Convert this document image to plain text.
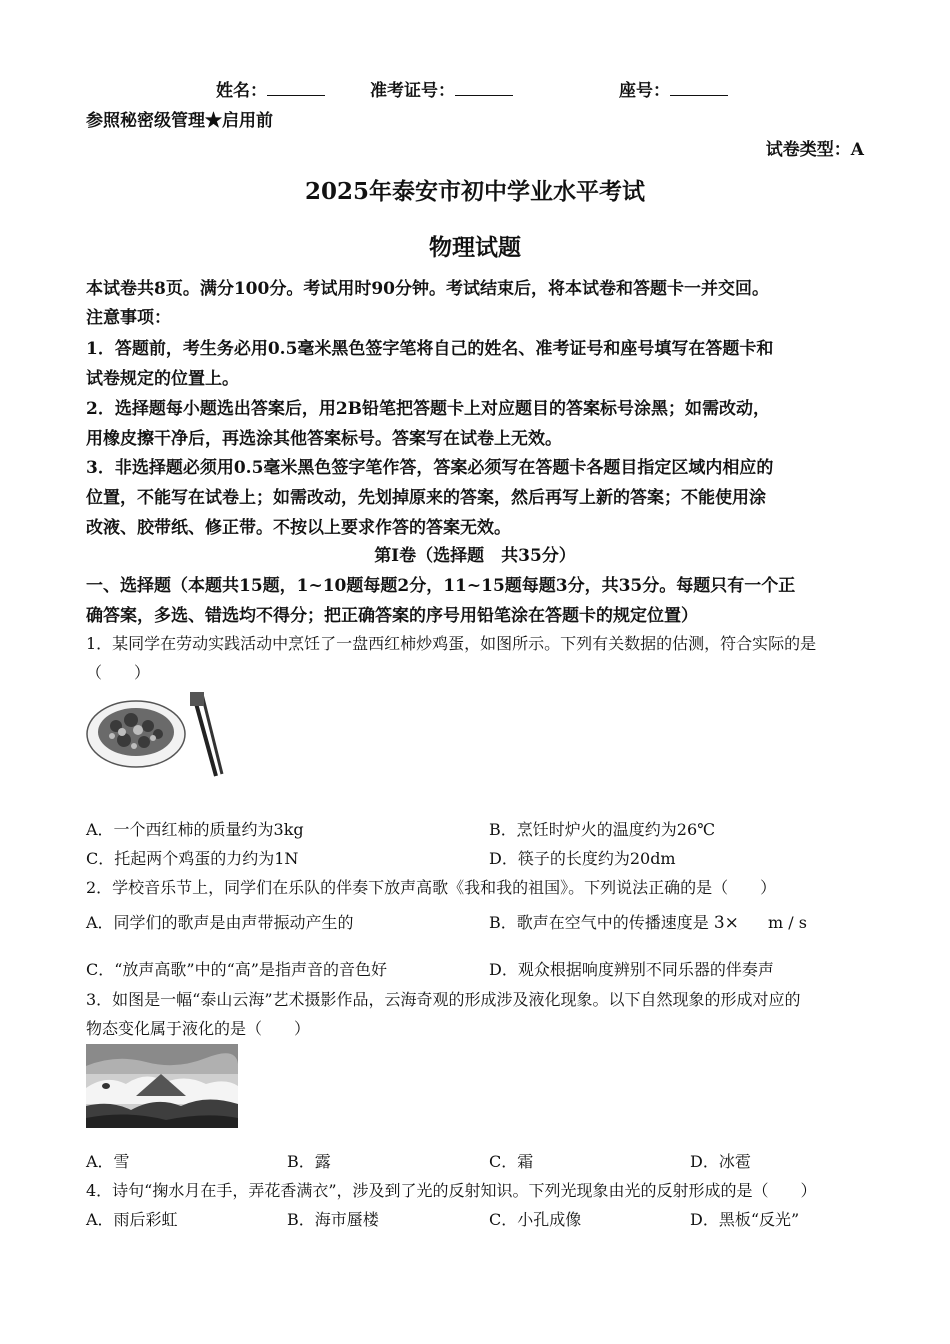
姓名：	准考证号：	座号：
参照秘密级管理★启用前
试卷类型：A
2025年泰安市初中学业水平考试
物理试题
本试卷共8页。满分100分。考试用时90分钟。考试结束后，将本试卷和答题卡一并交回。
注意事项：
1．答题前，考生务必用0.5毫米黑色签字笔将自己的姓名、准考证号和座号填写在答题卡和
试卷规定的位置上。
2．选择题每小题选出答案后，用2B铅笔把答题卡上对应题目的答案标号涂黑；如需改动，
用橡皮擦干净后，再选涂其他答案标号。答案写在试卷上无效。
3．非选择题必须用0.5毫米黑色签字笔作答，答案必须写在答题卡各题目指定区域内相应的
位置，不能写在试卷上；如需改动，先划掉原来的答案，然后再写上新的答案；不能使用涂
改液、胶带纸、修正带。不按以上要求作答的答案无效。
第Ⅰ卷（选择题　共35分）
一、选择题（本题共15题，1~10题每题2分，11~15题每题3分，共35分。每题只有一个正
确答案，多选、错选均不得分；把正确答案的序号用铅笔涂在答题卡的规定位置）
1．某同学在劳动实践活动中烹饪了一盘西红柿炒鸡蛋，如图所示。下列有关数据的估测，符合实际的是
（　　）
A．一个西红柿的质量约为3kg	B．烹饪时炉火的温度约为26℃
C．托起两个鸡蛋的力约为1N	D．筷子的长度约为20dm
2．学校音乐节上，同学们在乐队的伴奏下放声高歌《我和我的祖国》。下列说法正确的是（　　）
A．同学们的歌声是由声带振动产生的	B．歌声在空气中的传播速度是 3× m / s
C．“放声高歌”中的“高”是指声音的音色好	D．观众根据响度辨别不同乐器的伴奏声
3．如图是一幅“泰山云海”艺术摄影作品，云海奇观的形成涉及液化现象。以下自然现象的形成对应的
物态变化属于液化的是（　　）
A．雪	B．露	C．霜	D．冰雹
4．诗句“掬水月在手，弄花香满衣”，涉及到了光的反射知识。下列光现象由光的反射形成的是（　　）
A．雨后彩虹	B．海市蜃楼	C．小孔成像	D．黑板“反光”
